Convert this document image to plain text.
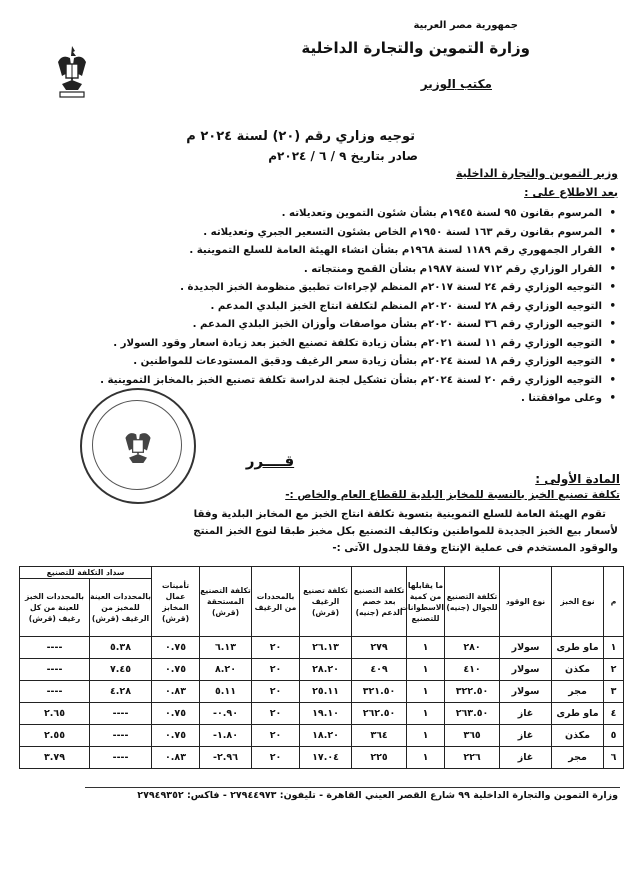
جمهورية مصر العربية
وزارة التموين والتجارة الداخلية
مكتب الوزير
توجيه وزاري رقم (٢٠) لسنة ٢٠٢٤ م
صادر بتاريخ ٩ / ٦ / ٢٠٢٤م
وزير التموين والتجارة الداخلية
بعد الاطلاع على :
• المرسوم بقانون ٩٥ لسنة ١٩٤٥م بشأن شئون التموين وتعديلاته .
• المرسوم بقانون رقم ١٦٣ لسنة ١٩٥٠م الخاص بشئون التسعير الجبري وتعديلاته .
• القرار الجمهوري رقم ١١٨٩ لسنة ١٩٦٨م بشأن انشاء الهيئة العامة للسلع التموينية .
• القرار الوزاري رقم ٧١٢ لسنة ١٩٨٧م بشأن القمح ومنتجاته .
• التوجيه الوزاري رقم ٢٤ لسنة ٢٠١٧م المنظم لإجراءات تطبيق منظومة الخبز الجديدة .
• التوجيه الوزاري رقم ٢٨ لسنة ٢٠٢٠م المنظم لتكلفة انتاج الخبز البلدي المدعم .
• التوجيه الوزاري رقم ٣٦ لسنة ٢٠٢٠م بشأن مواصفات وأوزان الخبز البلدي المدعم .
• التوجيه الوزاري رقم ١١ لسنة ٢٠٢١م بشأن زيادة تكلفة تصنيع الخبز بعد زيادة اسعار وقود السولار .
• التوجيه الوزاري رقم ١٨ لسنة ٢٠٢٤م بشأن زيادة سعر الرغيف ودقيق المستودعات للمواطنين .
• التوجيه الوزاري رقم ٢٠ لسنة ٢٠٢٤م بشأن تشكيل لجنة لدراسة تكلفة تصنيع الخبز بالمخابز التموينية .
• وعلى موافقتنا .
قــــرر
المادة الأولى :
تكلفة تصنيع الخبز بالنسبة للمخابز البلدية للقطاع العام والخاص :-
تقوم الهيئة العامة للسلع التموينية بتسوية تكلفة انتاج الخبز مع المخابز البلدية وفقا
لأسعار بيع الخبز الجديدة للمواطنين وتكاليف التصنيع بكل مخبز طبقا لنوع الخبز المنتج
والوقود المستخدم فى عملية الإنتاج وفقا للجدول الآتى :-
م	نوع الخبز	نوع الوقود	تكلفة التصنيع للجوال (جنيه)	ما يقابلها من كمية الاسطوانات للتصنيع	تكلفة التصنيع بعد خصم الدعم (جنيه)	تكلفة تصنيع الرغيف (قرش)	بالمحددات من الرغيف	تكلفة التصنيع المستحقة (قرش)	تأمينات عمال المخابز (قرش)	سداد التكلفة للتصنيع	
										بالمحددات العينة للمخبز من الرغيف (قرش)	بالمحددات الخبز للعينة من كل رغيف (قرش)
١	ماو طرى	سولار	٢٨٠	١	٢٧٩	٢٦.١٣	٢٠	٦.١٣	٠.٧٥	٥.٣٨	----
٢	مكذن	سولار	٤١٠	١	٤٠٩	٢٨.٢٠	٢٠	٨.٢٠	٠.٧٥	٧.٤٥	----
٣	مجر	سولار	٣٢٢.٥٠	١	٣٢١.٥٠	٢٥.١١	٢٠	٥.١١	٠.٨٣	٤.٢٨	----
٤	ماو طرى	غاز	٢٦٣.٥٠	١	٢٦٢.٥٠	١٩.١٠	٢٠	٠.٩٠-	٠.٧٥	----	٢.٦٥
٥	مكذن	غاز	٣٦٥	١	٣٦٤	١٨.٢٠	٢٠	١.٨٠-	٠.٧٥	----	٢.٥٥
٦	مجر	غاز	٢٢٦	١	٢٢٥	١٧.٠٤	٢٠	٢.٩٦-	٠.٨٣	----	٣.٧٩
وزارة التموين والتجارة الداخلية ٩٩ شارع القصر العيني القاهرة - تليفون: ٢٧٩٤٤٩٧٣ - فاكس: ٢٧٩٤٩٣٥٢
